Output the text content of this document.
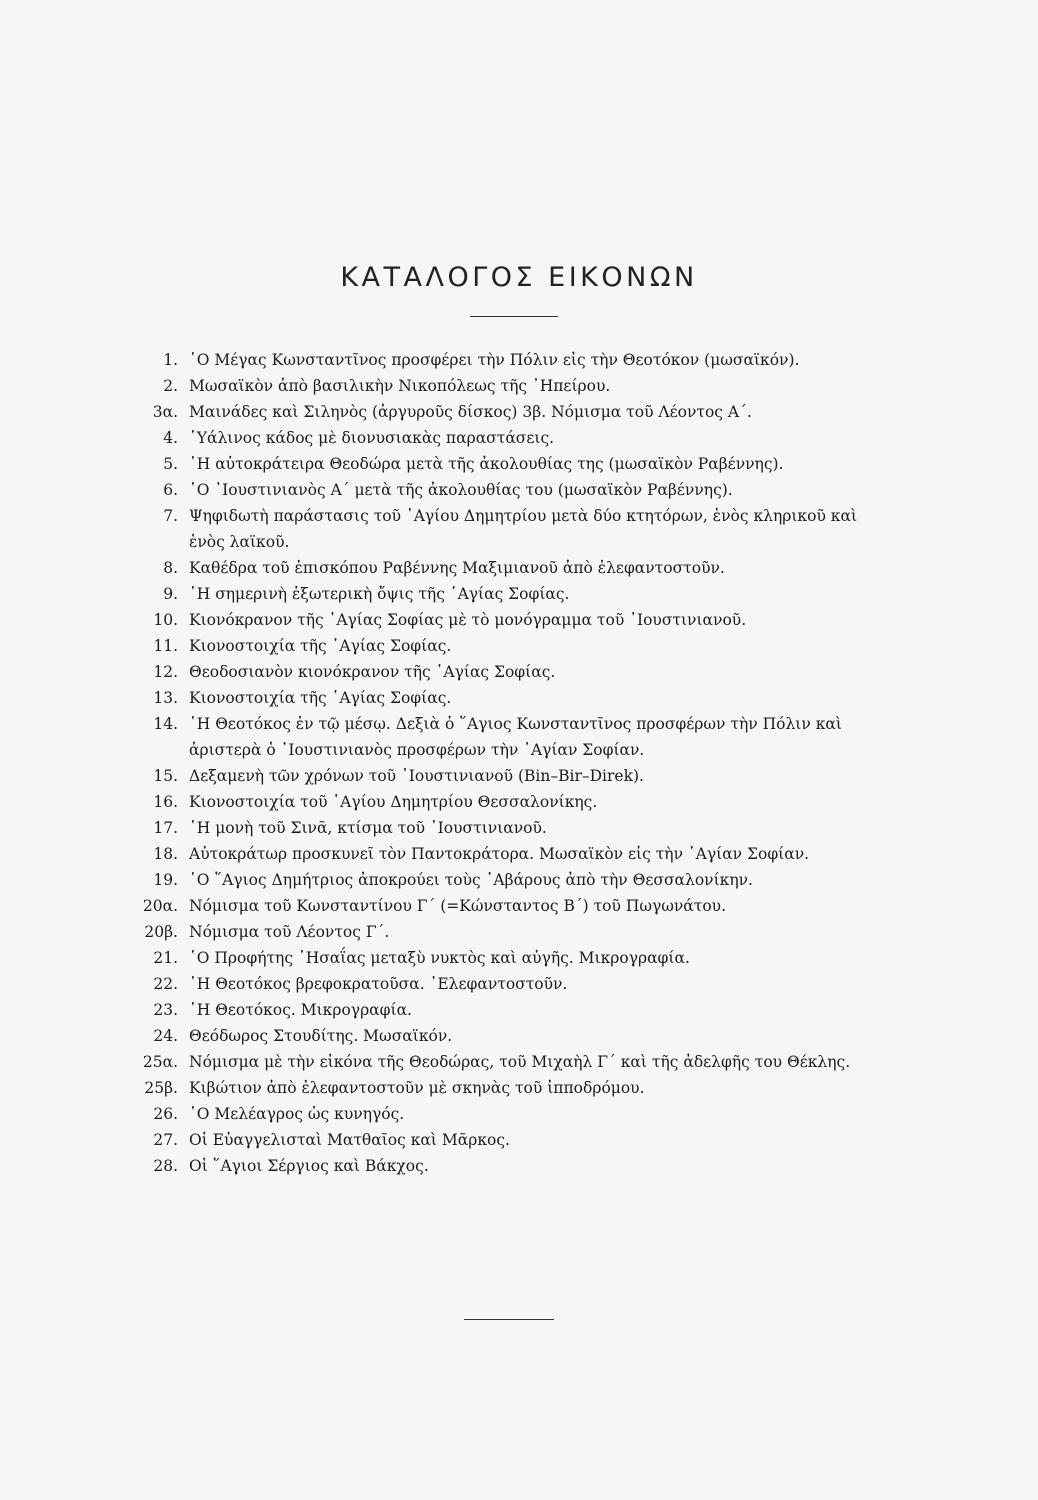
ΚΑΤΑΛΟΓΟΣ ΕΙΚΟΝΩΝ
1. ῾Ο Μέγας Κωνσταντῖνος προσφέρει τὴν Πόλιν εἰς τὴν Θεοτόκον (μωσαϊκόν).
2. Μωσαϊκὸν ἀπὸ βασιλικὴν Νικοπόλεως τῆς ᾿Ηπείρου.
3α. Μαινάδες καὶ Σιληνὸς (ἀργυροῦς δίσκος) 3β. Νόμισμα τοῦ Λέοντος Α΄.
4. ῾Υάλινος κάδος μὲ διονυσιακὰς παραστάσεις.
5. ῾Η αὐτοκράτειρα Θεοδώρα μετὰ τῆς ἀκολουθίας της (μωσαϊκὸν Ραβέννης).
6. ῾Ο ᾿Ιουστινιανὸς Α΄ μετὰ τῆς ἀκολουθίας του (μωσαϊκὸν Ραβέννης).
7. Ψηφιδωτὴ παράστασις τοῦ ῾Αγίου Δημητρίου μετὰ δύο κτητόρων, ἑνὸς κληρικοῦ καὶ ἑνὸς λαϊκοῦ.
8. Καθέδρα τοῦ ἐπισκόπου Ραβέννης Μαξιμιανοῦ ἀπὸ ἐλεφαντοστοῦν.
9. ῾Η σημερινὴ ἐξωτερικὴ ὄψις τῆς ῾Αγίας Σοφίας.
10. Κιονόκρανον τῆς ῾Αγίας Σοφίας μὲ τὸ μονόγραμμα τοῦ ᾿Ιουστινιανοῦ.
11. Κιονοστοιχία τῆς ῾Αγίας Σοφίας.
12. Θεοδοσιανὸν κιονόκρανον τῆς ῾Αγίας Σοφίας.
13. Κιονοστοιχία τῆς ῾Αγίας Σοφίας.
14. ῾Η Θεοτόκος ἐν τῷ μέσῳ. Δεξιὰ ὁ ῞Αγιος Κωνσταντῖνος προσφέρων τὴν Πόλιν καὶ ἀριστερὰ ὁ ᾿Ιουστινιανὸς προσφέρων τὴν ῾Αγίαν Σοφίαν.
15. Δεξαμενὴ τῶν χρόνων τοῦ ᾿Ιουστινιανοῦ (Bin–Bir–Direk).
16. Κιονοστοιχία τοῦ ῾Αγίου Δημητρίου Θεσσαλονίκης.
17. ῾Η μονὴ τοῦ Σινᾶ, κτίσμα τοῦ ᾿Ιουστινιανοῦ.
18. Αὐτοκράτωρ προσκυνεῖ τὸν Παντοκράτορα. Μωσαϊκὸν εἰς τὴν ῾Αγίαν Σοφίαν.
19. ῾Ο ῞Αγιος Δημήτριος ἀποκρούει τοὺς ᾿Αβάρους ἀπὸ τὴν Θεσσαλονίκην.
20α. Νόμισμα τοῦ Κωνσταντίνου Γ΄ (=Κώνσταντος Β΄) τοῦ Πωγωνάτου.
20β. Νόμισμα τοῦ Λέοντος Γ΄.
21. ῾Ο Προφήτης ῾Ησαΐας μεταξὺ νυκτὸς καὶ αὐγῆς. Μικρογραφία.
22. ῾Η Θεοτόκος βρεφοκρατοῦσα. ᾿Ελεφαντοστοῦν.
23. ῾Η Θεοτόκος. Μικρογραφία.
24. Θεόδωρος Στουδίτης. Μωσαϊκόν.
25α. Νόμισμα μὲ τὴν εἰκόνα τῆς Θεοδώρας, τοῦ Μιχαὴλ Γ΄ καὶ τῆς ἀδελφῆς του Θέκλης.
25β. Κιβώτιον ἀπὸ ἐλεφαντοστοῦν μὲ σκηνὰς τοῦ ἱπποδρόμου.
26. ῾Ο Μελέαγρος ὡς κυνηγός.
27. Οἱ Εὐαγγελισταὶ Ματθαῖος καὶ Μᾶρκος.
28. Οἱ ῞Αγιοι Σέργιος καὶ Βάκχος.
